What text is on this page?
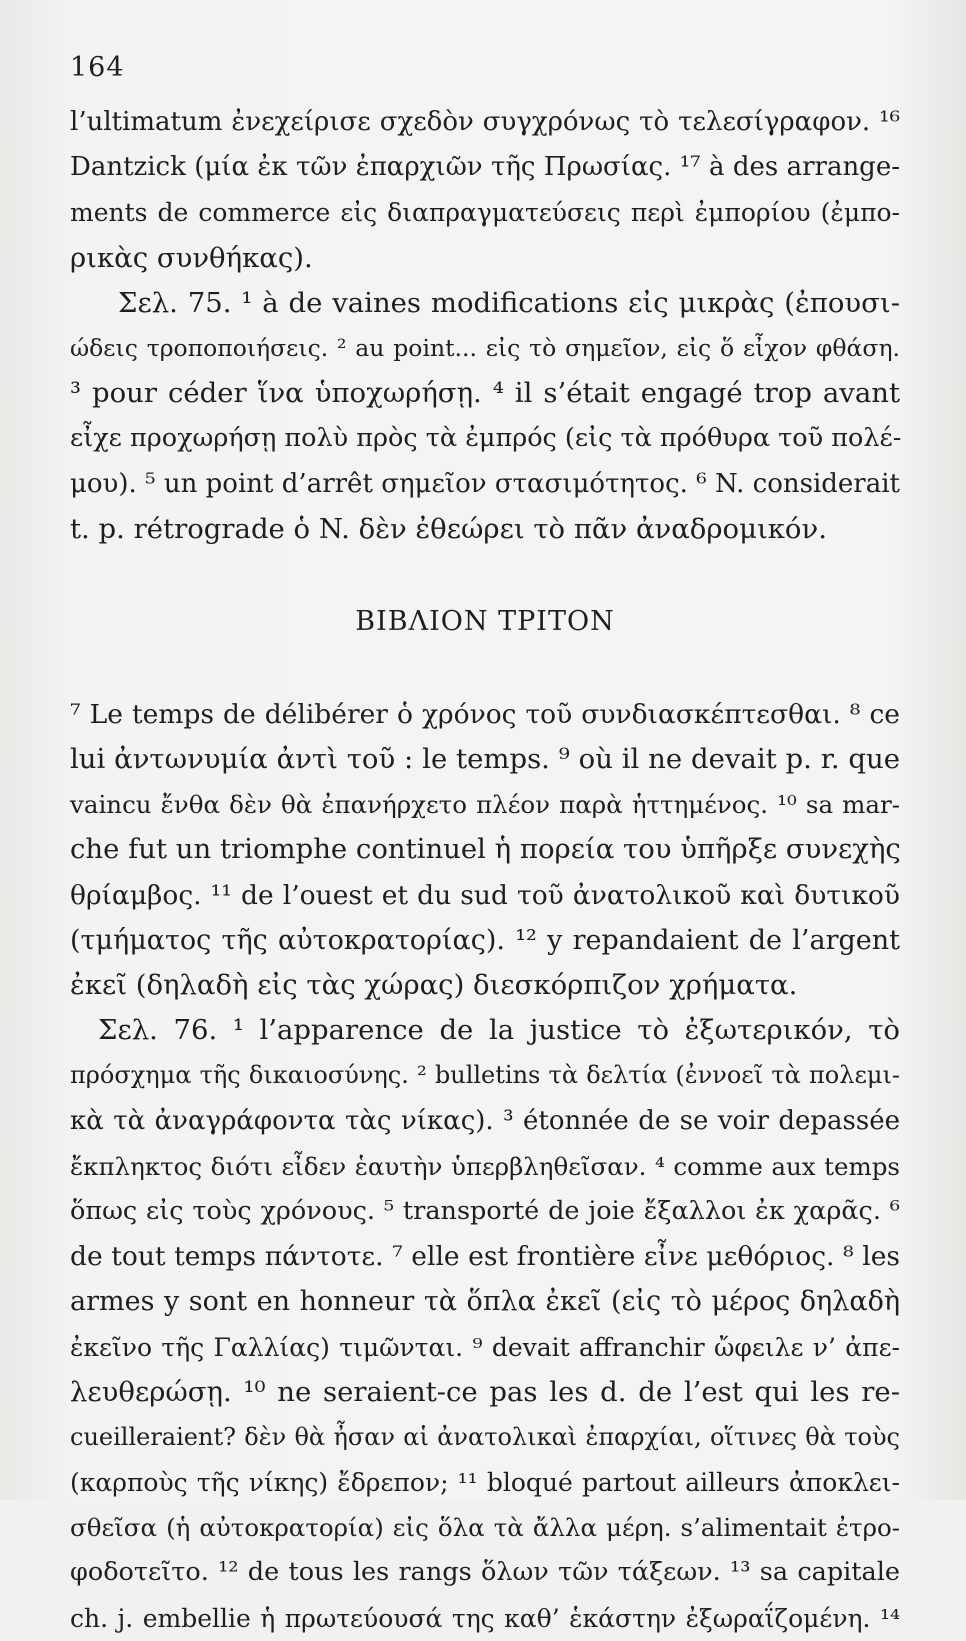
164
l’ultimatum ἐνεχείρισε σχεδὸν συγχρόνως τὸ τελεσίγραφον. ¹⁶
Dantzick (μία ἐκ τῶν ἐπαρχιῶν τῆς Πρωσίας. ¹⁷ à des arrange-
ments de commerce εἰς διαπραγματεύσεις περὶ ἐμπορίου (ἐμπο-
ρικὰς συνθήκας).
Σελ. 75. ¹ à de vaines modifications εἰς μικρὰς (ἐπουσι-
ώδεις τροποποιήσεις. ² au point... εἰς τὸ σημεῖον, εἰς ὅ εἶχον φθάση.
³ pour céder ἵνα ὑποχωρήσῃ. ⁴ il s’était engagé trop avant
εἶχε προχωρήσῃ πολὺ πρὸς τὰ ἐμπρός (εἰς τὰ πρόθυρα τοῦ πολέ-
μου). ⁵ un point d’arrêt σημεῖον στασιμότητος. ⁶ N. considerait
t. p. rétrograde ὁ N. δὲν ἐθεώρει τὸ πᾶν ἀναδρομικόν.
ΒΙΒΛΙΟΝ ΤΡΙΤΟΝ
⁷ Le temps de délibérer ὁ χρόνος τοῦ συνδιασκέπτεσθαι. ⁸ ce
lui ἀντωνυμία ἀντὶ τοῦ : le temps. ⁹ où il ne devait p. r. que
vaincu ἔνθα δὲν θὰ ἐπανήρχετο πλέον παρὰ ἡττημένος. ¹⁰ sa mar-
che fut un triomphe continuel ἡ πορεία του ὑπῆρξε συνεχὴς
θρίαμβος. ¹¹ de l’ouest et du sud τοῦ ἀνατολικοῦ καὶ δυτικοῦ
(τμήματος τῆς αὐτοκρατορίας). ¹² y repandaient de l’argent
ἐκεῖ (δηλαδὴ εἰς τὰς χώρας) διεσκόρπιζον χρήματα.
Σελ. 76. ¹ l’apparence de la justice τὸ ἐξωτερικόν, τὸ
πρόσχημα τῆς δικαιοσύνης. ² bulletins τὰ δελτία (ἐννοεῖ τὰ πολεμι-
κὰ τὰ ἀναγράφοντα τὰς νίκας). ³ étonnée de se voir depassée
ἔκπληκτος διότι εἶδεν ἑαυτὴν ὑπερβληθεῖσαν. ⁴ comme aux temps
ὅπως εἰς τοὺς χρόνους. ⁵ transporté de joie ἔξαλλοι ἐκ χαρᾶς. ⁶
de tout temps πάντοτε. ⁷ elle est frontière εἶνε μεθόριος. ⁸ les
armes y sont en honneur τὰ ὅπλα ἐκεῖ (εἰς τὸ μέρος δηλαδὴ
ἐκεῖνο τῆς Γαλλίας) τιμῶνται. ⁹ devait affranchir ὤφειλε ν’ ἀπε-
λευθερώσῃ. ¹⁰ ne seraient-ce pas les d. de l’est qui les re-
cueilleraient? δὲν θὰ ἦσαν αἱ ἀνατολικαὶ ἐπαρχίαι, οἵτινες θὰ τοὺς
(καρποὺς τῆς νίκης) ἔδρεπον; ¹¹ bloqué partout ailleurs ἀποκλει-
σθεῖσα (ἡ αὐτοκρατορία) εἰς ὅλα τὰ ἄλλα μέρη. s’alimentait ἐτρο-
φοδοτεῖτο. ¹² de tous les rangs ὅλων τῶν τάξεων. ¹³ sa capitale
ch. j. embellie ἡ πρωτεύουσά της καθ’ ἑκάστην ἐξωραΐζομένη. ¹⁴
